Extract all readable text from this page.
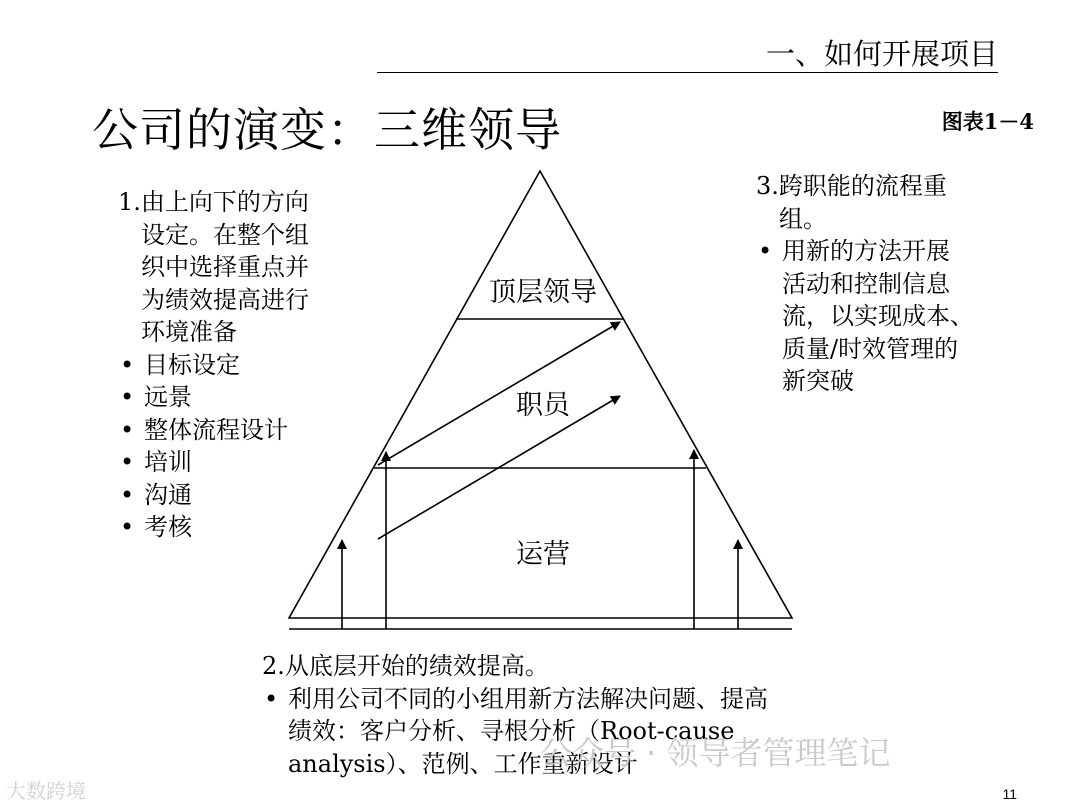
一、如何开展项目
公司的演变：三维领导	图表1－4
顶层领导
职员
运营
1.由上向下的方向
设定。在整个组
织中选择重点并
为绩效提高进行
环境准备
• 目标设定
• 远景
• 整体流程设计
• 培训
• 沟通
• 考核
3.跨职能的流程重
组。
• 用新的方法开展
活动和控制信息
流，以实现成本、
质量/时效管理的
新突破
2.从底层开始的绩效提高。
• 利用公司不同的小组用新方法解决问题、提高
绩效：客户分析、寻根分析（Root-cause
analysis）、范例、工作重新设计
公众号 · 领导者管理笔记
大数跨境	11
